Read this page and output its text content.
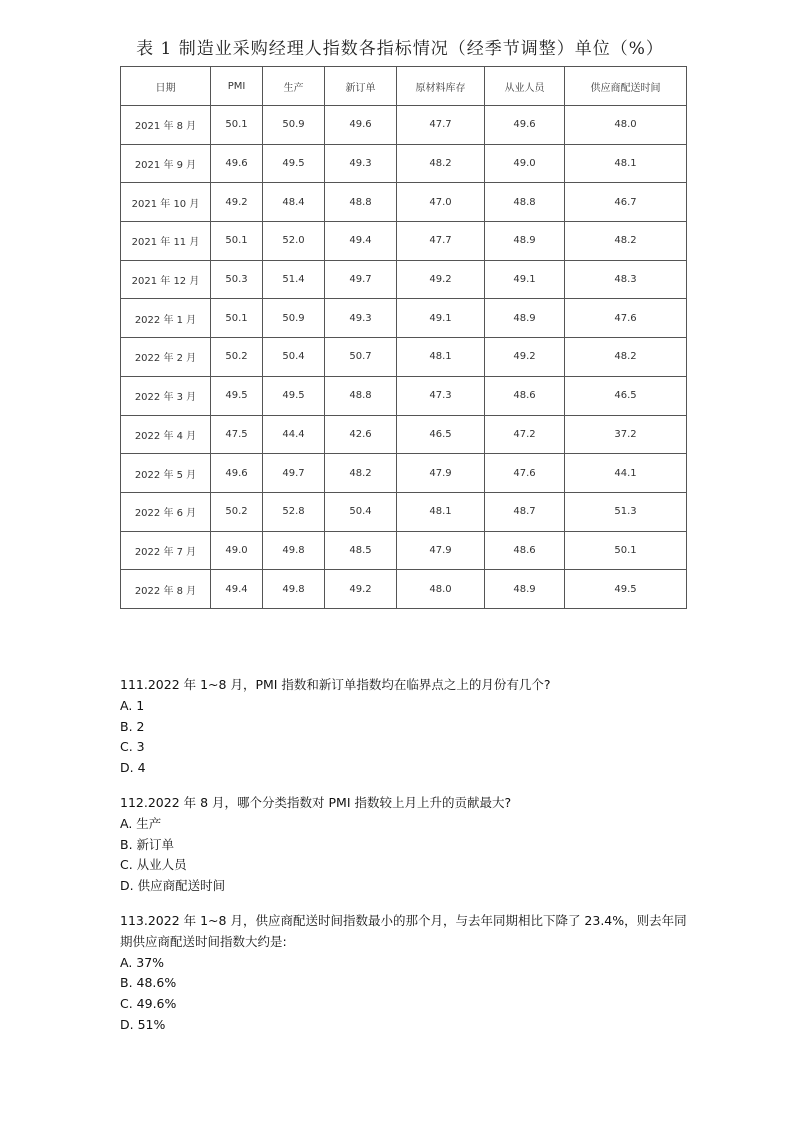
表 1 制造业采购经理人指数各指标情况（经季节调整）单位（%）
日期	PMI	生产	新订单	原材料库存	从业人员	供应商配送时间
2021 年 8 月	50.1	50.9	49.6	47.7	49.6	48.0
2021 年 9 月	49.6	49.5	49.3	48.2	49.0	48.1
2021 年 10 月	49.2	48.4	48.8	47.0	48.8	46.7
2021 年 11 月	50.1	52.0	49.4	47.7	48.9	48.2
2021 年 12 月	50.3	51.4	49.7	49.2	49.1	48.3
2022 年 1 月	50.1	50.9	49.3	49.1	48.9	47.6
2022 年 2 月	50.2	50.4	50.7	48.1	49.2	48.2
2022 年 3 月	49.5	49.5	48.8	47.3	48.6	46.5
2022 年 4 月	47.5	44.4	42.6	46.5	47.2	37.2
2022 年 5 月	49.6	49.7	48.2	47.9	47.6	44.1
2022 年 6 月	50.2	52.8	50.4	48.1	48.7	51.3
2022 年 7 月	49.0	49.8	48.5	47.9	48.6	50.1
2022 年 8 月	49.4	49.8	49.2	48.0	48.9	49.5

111.2022 年 1~8 月，PMI 指数和新订单指数均在临界点之上的月份有几个?

A. 1

B. 2

C. 3

D. 4

112.2022 年 8 月，哪个分类指数对 PMI 指数较上月上升的贡献最大?

A. 生产

B. 新订单

C. 从业人员

D. 供应商配送时间

113.2022 年 1~8 月，供应商配送时间指数最小的那个月，与去年同期相比下降了 23.4%，则去年同期供应商配送时间指数大约是:

A. 37%

B. 48.6%

C. 49.6%

D. 51%
